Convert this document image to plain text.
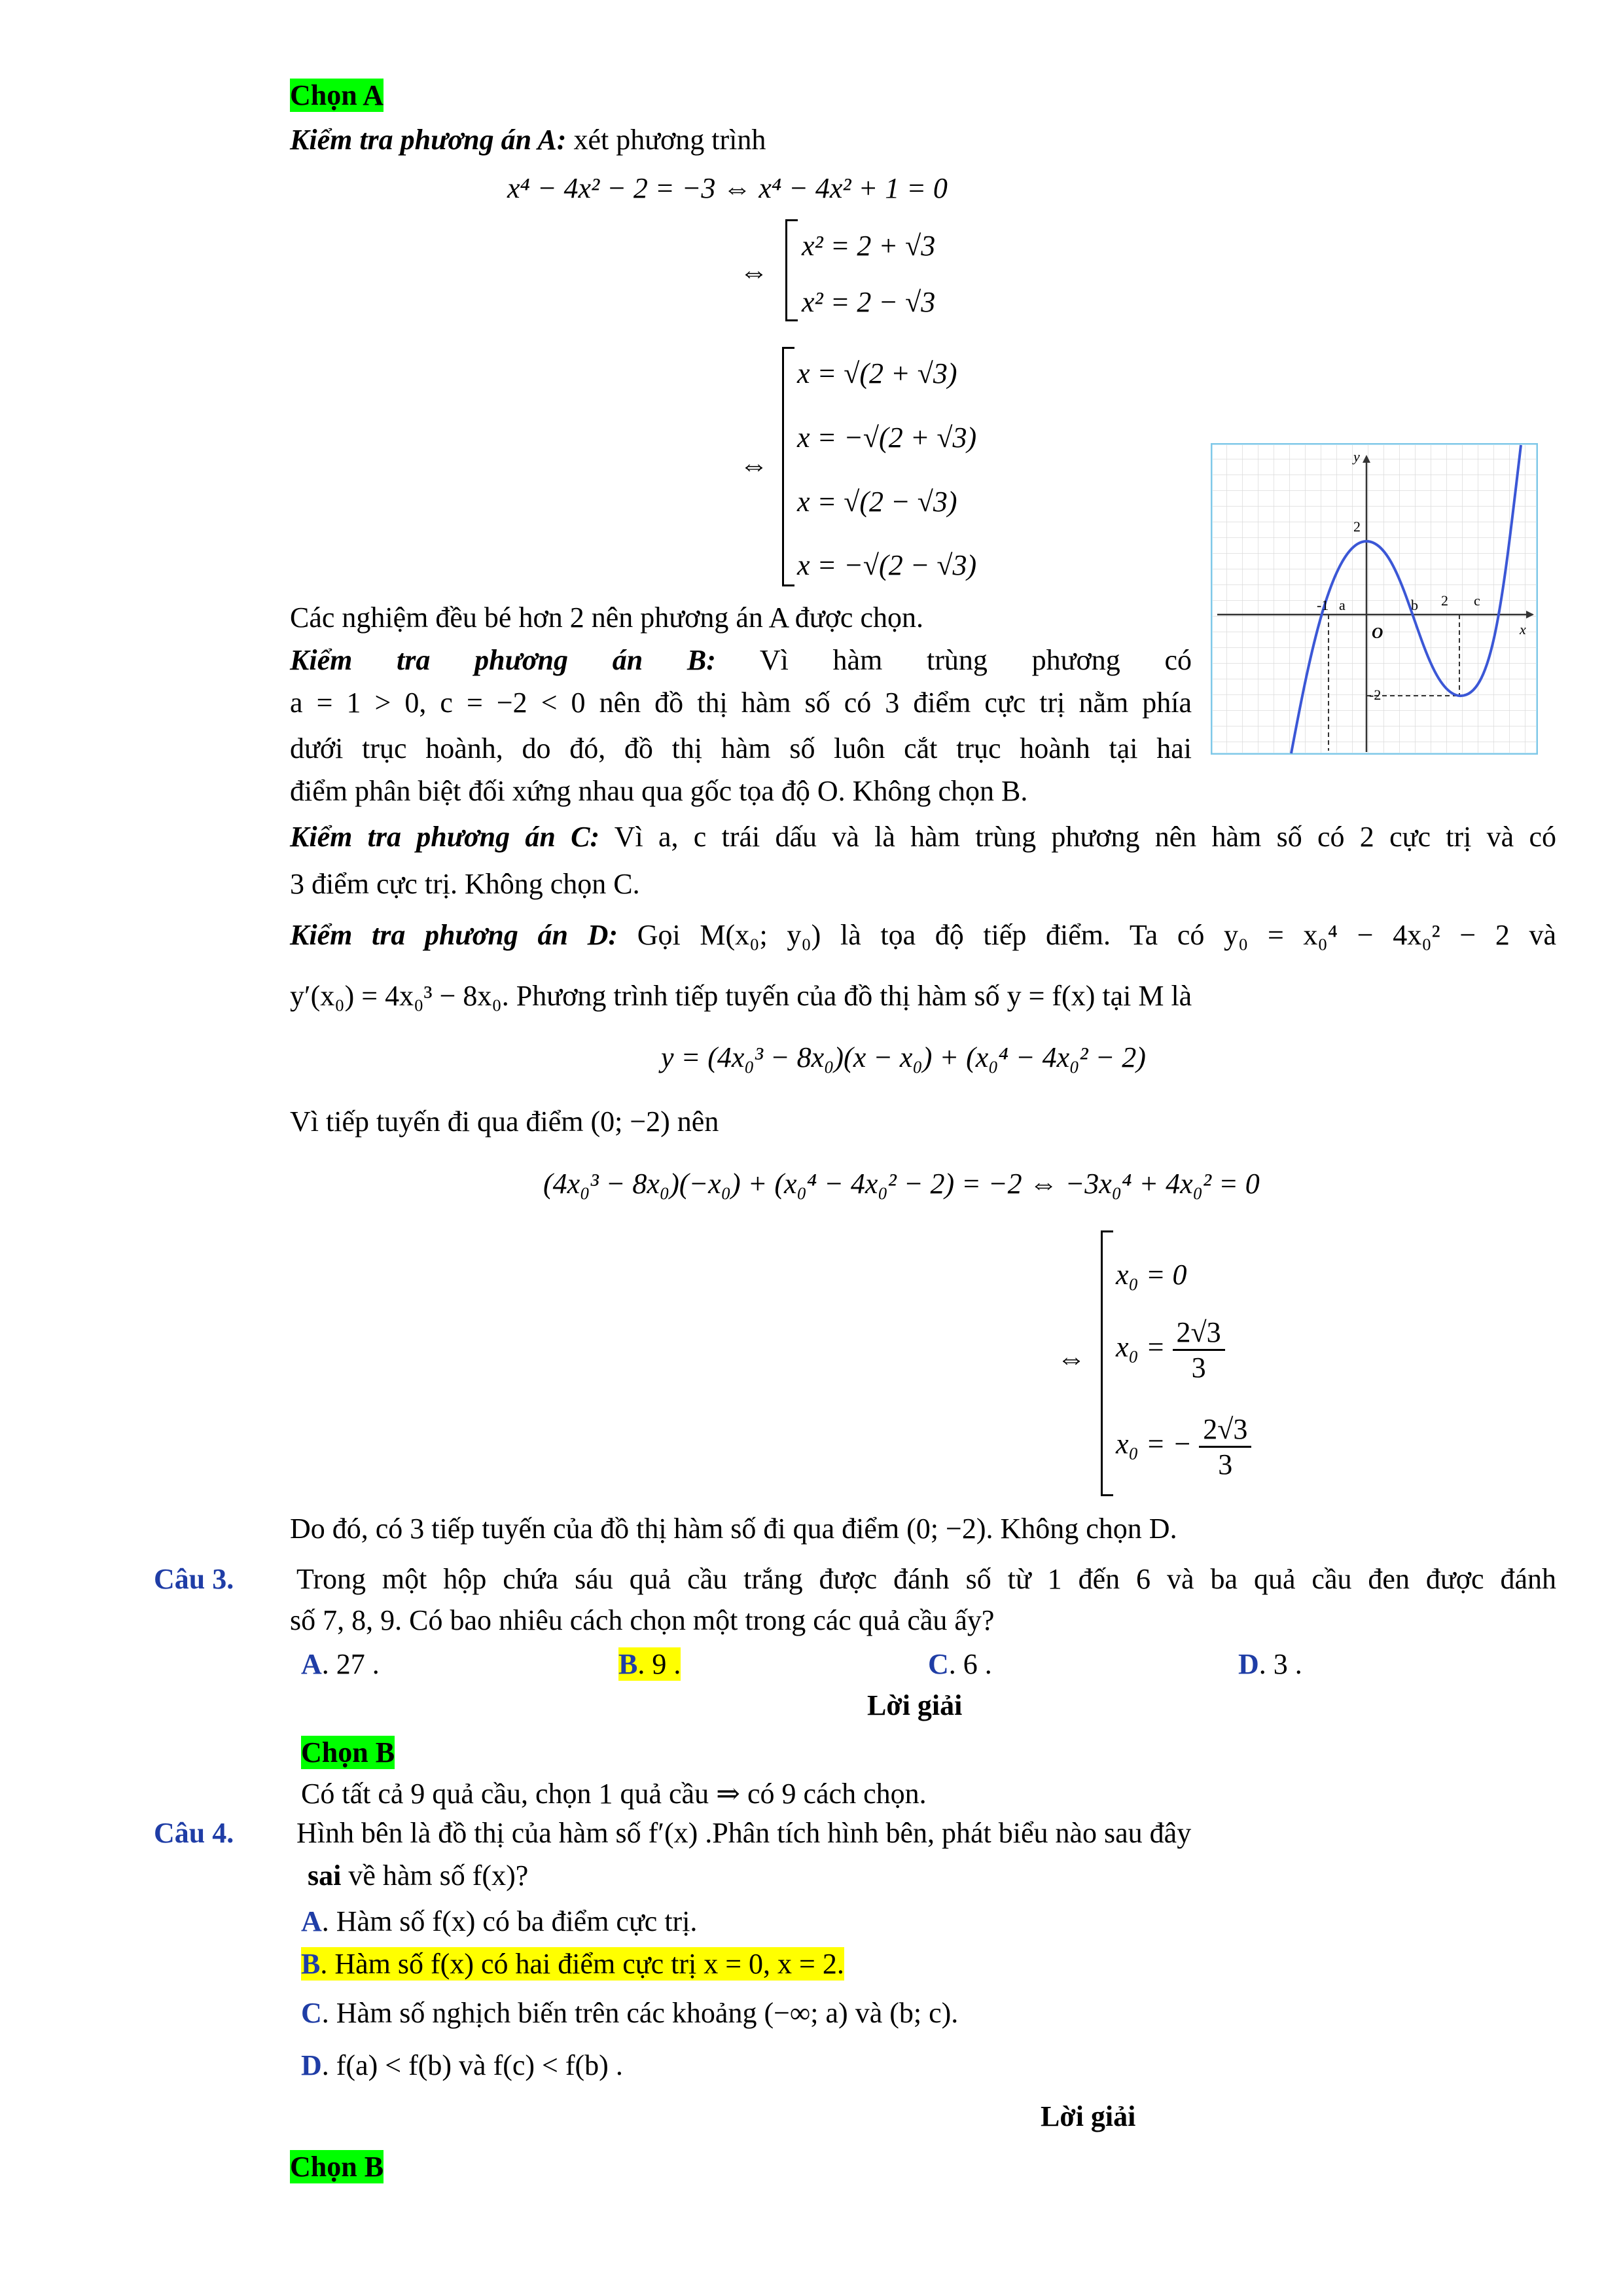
Chọn A
Kiểm tra phương án A: xét phương trình
x⁴ − 4x² − 2 = −3 ⇔ x⁴ − 4x² + 1 = 0
⇔
x² = 2 + √3
x² = 2 − √3
⇔
x = √(2 + √3)
x = −√(2 + √3)
x = √(2 − √3)
x = −√(2 − √3)
Các nghiệm đều bé hơn 2 nên phương án A được chọn.
Kiểm tra phương án B: Vì hàm trùng phương có
a = 1 > 0, c = −2 < 0 nên đồ thị hàm số có 3 điểm cực trị nằm phía
dưới trục hoành, do đó, đồ thị hàm số luôn cắt trục hoành tại hai
điểm phân biệt đối xứng nhau qua gốc tọa độ O. Không chọn B.
Kiểm tra phương án C: Vì a, c trái dấu và là hàm trùng phương nên hàm số có 2 cực trị và có
3 điểm cực trị. Không chọn C.
Kiểm tra phương án D: Gọi M(x₀; y₀) là tọa độ tiếp điểm. Ta có y₀ = x₀⁴ − 4x₀² − 2 và
y′(x₀) = 4x₀³ − 8x₀. Phương trình tiếp tuyến của đồ thị hàm số y = f(x) tại M là
y = (4x₀³ − 8x₀)(x − x₀) + (x₀⁴ − 4x₀² − 2)
Vì tiếp tuyến đi qua điểm (0; −2) nên
(4x₀³ − 8x₀)(−x₀) + (x₀⁴ − 4x₀² − 2) = −2 ⇔ −3x₀⁴ + 4x₀² = 0
⇔
x₀ = 0
$x_0 = \frac{2√3}{3}$
x₀ = − $\frac{2√3}{3}$
Do đó, có 3 tiếp tuyến của đồ thị hàm số đi qua điểm (0; −2). Không chọn D.
Câu 3. Trong một hộp chứa sáu quả cầu trắng được đánh số từ 1 đến 6 và ba quả cầu đen được đánh
số 7, 8, 9. Có bao nhiêu cách chọn một trong các quả cầu ấy?
A. 27 .	B. 9 .	C. 6 .	D. 3 .
Lời giải
Chọn B
Có tất cả 9 quả cầu, chọn 1 quả cầu ⇒ có 9 cách chọn.
Câu 4. Hình bên là đồ thị của hàm số f′(x) .Phân tích hình bên, phát biểu nào sau đây
sai về hàm số f(x)?
A. Hàm số f(x) có ba điểm cực trị.
B. Hàm số f(x) có hai điểm cực trị x = 0, x = 2.
C. Hàm số nghịch biến trên các khoảng (−∞; a) và (b; c).
D. f(a) < f(b) và f(c) < f(b) .
Lời giải
Chọn B
x
y
O
-1 a	b 2 c
2
-2
